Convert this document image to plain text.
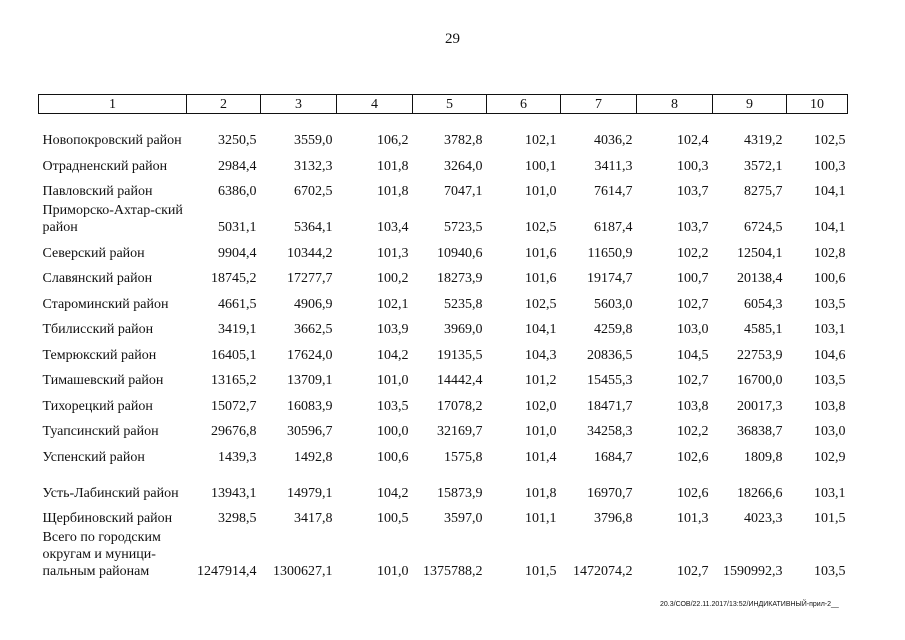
29
1	2	3	4	5	6	7	8	9	10
Новопокровский район	3250,5	3559,0	106,2	3782,8	102,1	4036,2	102,4	4319,2	102,5
Отрадненский район	2984,4	3132,3	101,8	3264,0	100,1	3411,3	100,3	3572,1	100,3
Павловский район	6386,0	6702,5	101,8	7047,1	101,0	7614,7	103,7	8275,7	104,1
Приморско-Ахтар-ский район	5031,1	5364,1	103,4	5723,5	102,5	6187,4	103,7	6724,5	104,1
Северский район	9904,4	10344,2	101,3	10940,6	101,6	11650,9	102,2	12504,1	102,8
Славянский район	18745,2	17277,7	100,2	18273,9	101,6	19174,7	100,7	20138,4	100,6
Староминский район	4661,5	4906,9	102,1	5235,8	102,5	5603,0	102,7	6054,3	103,5
Тбилисский район	3419,1	3662,5	103,9	3969,0	104,1	4259,8	103,0	4585,1	103,1
Темрюкский район	16405,1	17624,0	104,2	19135,5	104,3	20836,5	104,5	22753,9	104,6
Тимашевский район	13165,2	13709,1	101,0	14442,4	101,2	15455,3	102,7	16700,0	103,5
Тихорецкий район	15072,7	16083,9	103,5	17078,2	102,0	18471,7	103,8	20017,3	103,8
Туапсинский район	29676,8	30596,7	100,0	32169,7	101,0	34258,3	102,2	36838,7	103,0
Успенский район	1439,3	1492,8	100,6	1575,8	101,4	1684,7	102,6	1809,8	102,9
Усть-Лабинский район	13943,1	14979,1	104,2	15873,9	101,8	16970,7	102,6	18266,6	103,1
Щербиновский район	3298,5	3417,8	100,5	3597,0	101,1	3796,8	101,3	4023,3	101,5
Всего по городским округам и муници-пальным районам	1247914,4	1300627,1	101,0	1375788,2	101,5	1472074,2	102,7	1590992,3	103,5
20.3/СОВ/22.11.2017/13:52/ИНДИКАТИВНЫЙ-прил-2__
